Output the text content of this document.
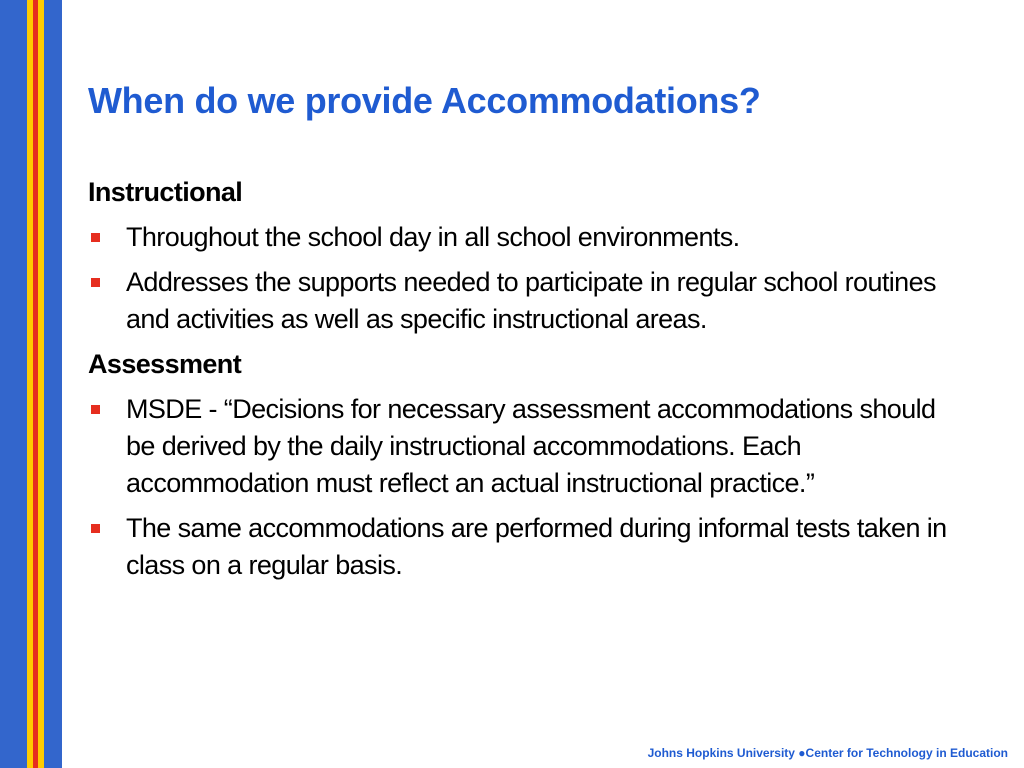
When do we provide Accommodations?
Instructional
Throughout the school day in all school environments.
Addresses the supports needed to participate in regular school routines and activities as well as specific instructional areas.
Assessment
MSDE - “Decisions for necessary assessment accommodations should be derived by the daily instructional accommodations. Each accommodation must reflect an actual instructional practice.”
The same accommodations are performed during informal tests taken in class on a regular basis.
Johns Hopkins University ●Center for Technology in Education
